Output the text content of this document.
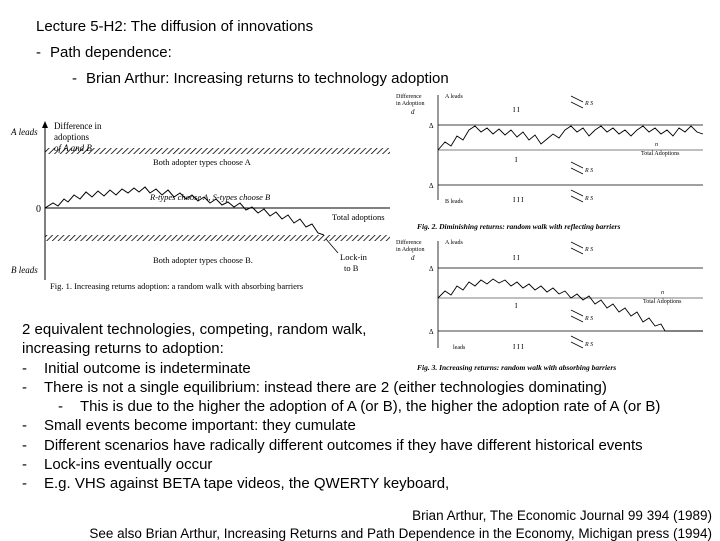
Lecture 5-H2: The diffusion of innovations
- Path dependence:
- Brian Arthur: Increasing returns to technology adoption
A leads
B leads
Difference in
adoptions
0
Both adopter types choose A
R-types choose A, S-types choose B
Both adopter types choose B.
Total adoptions
Lock-in
to B
Fig. 1. Increasing returns adoption: a random walk with absorbing barriers
Difference
in Adoption
d
A leads
Δ
Δ
I I
I
I I I
R S
R S
R S
n
Total Adoptions
B leads
Fig. 2. Diminishing returns: random walk with reflecting barriers
Difference
in Adoption
d
A leads
Δ
Δ
I I
I
I I I
R S
R S
R S
n
Total Adoptions
leads
Fig. 3. Increasing returns: random walk with absorbing barriers
2 equivalent technologies, competing, random walk,
increasing returns to adoption:
- Initial outcome is indeterminate
- There is not a single equilibrium: instead there are 2 (either technologies dominating)
- This is due to the higher the adoption of A (or B), the higher the adoption rate of A (or B)
- Small events become important: they cumulate
- Different scenarios have radically different outcomes if they have different historical events
- Lock-ins eventually occur
- E.g. VHS against BETA tape videos, the QWERTY keyboard,
Brian Arthur, The Economic Journal 99 394 (1989)
See also Brian Arthur, Increasing Returns and Path Dependence in the Economy, Michigan press (1994)
